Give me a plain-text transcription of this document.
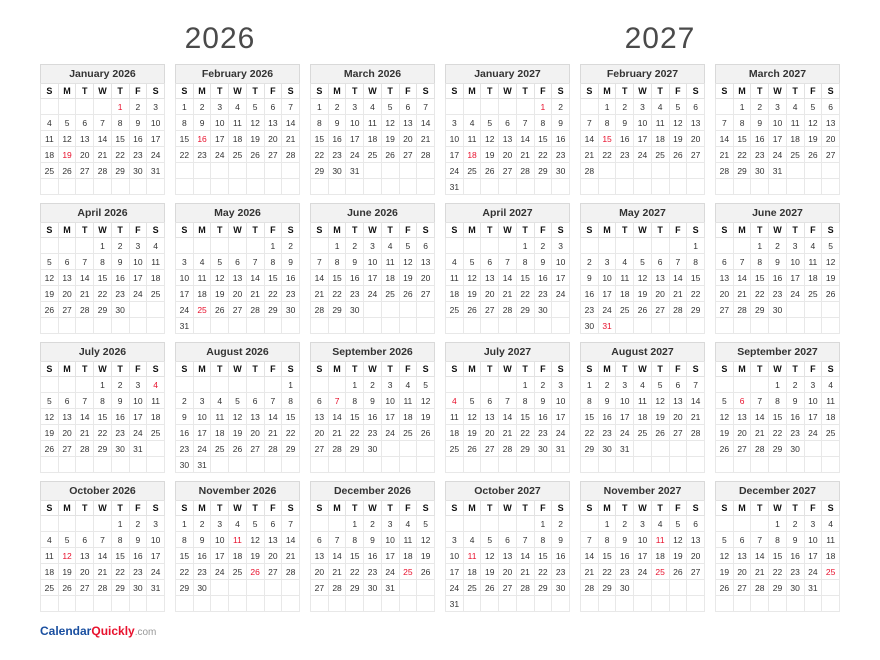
2026	2027
January 2026
S	M	T	W	T	F	S
				1	2	3
4	5	6	7	8	9	10
11	12	13	14	15	16	17
18	19	20	21	22	23	24
25	26	27	28	29	30	31

February 2026
S	M	T	W	T	F	S
1	2	3	4	5	6	7
8	9	10	11	12	13	14
15	16	17	18	19	20	21
22	23	24	25	26	27	28

March 2026
S	M	T	W	T	F	S
1	2	3	4	5	6	7
8	9	10	11	12	13	14
15	16	17	18	19	20	21
22	23	24	25	26	27	28
29	30	31				

January 2027
S	M	T	W	T	F	S
					1	2
3	4	5	6	7	8	9
10	11	12	13	14	15	16
17	18	19	20	21	22	23
24	25	26	27	28	29	30
31						
February 2027
S	M	T	W	T	F	S
	1	2	3	4	5	6
7	8	9	10	11	12	13
14	15	16	17	18	19	20
21	22	23	24	25	26	27
28						

March 2027
S	M	T	W	T	F	S
	1	2	3	4	5	6
7	8	9	10	11	12	13
14	15	16	17	18	19	20
21	22	23	24	25	26	27
28	29	30	31			

April 2026
S	M	T	W	T	F	S
			1	2	3	4
5	6	7	8	9	10	11
12	13	14	15	16	17	18
19	20	21	22	23	24	25
26	27	28	29	30		

May 2026
S	M	T	W	T	F	S
					1	2
3	4	5	6	7	8	9
10	11	12	13	14	15	16
17	18	19	20	21	22	23
24	25	26	27	28	29	30
31						
June 2026
S	M	T	W	T	F	S
	1	2	3	4	5	6
7	8	9	10	11	12	13
14	15	16	17	18	19	20
21	22	23	24	25	26	27
28	29	30				

April 2027
S	M	T	W	T	F	S
				1	2	3
4	5	6	7	8	9	10
11	12	13	14	15	16	17
18	19	20	21	22	23	24
25	26	27	28	29	30	

May 2027
S	M	T	W	T	F	S
						1
2	3	4	5	6	7	8
9	10	11	12	13	14	15
16	17	18	19	20	21	22
23	24	25	26	27	28	29
30	31					
June 2027
S	M	T	W	T	F	S
		1	2	3	4	5
6	7	8	9	10	11	12
13	14	15	16	17	18	19
20	21	22	23	24	25	26
27	28	29	30			

July 2026
S	M	T	W	T	F	S
			1	2	3	4
5	6	7	8	9	10	11
12	13	14	15	16	17	18
19	20	21	22	23	24	25
26	27	28	29	30	31	

August 2026
S	M	T	W	T	F	S
						1
2	3	4	5	6	7	8
9	10	11	12	13	14	15
16	17	18	19	20	21	22
23	24	25	26	27	28	29
30	31					
September 2026
S	M	T	W	T	F	S
		1	2	3	4	5
6	7	8	9	10	11	12
13	14	15	16	17	18	19
20	21	22	23	24	25	26
27	28	29	30			

July 2027
S	M	T	W	T	F	S
				1	2	3
4	5	6	7	8	9	10
11	12	13	14	15	16	17
18	19	20	21	22	23	24
25	26	27	28	29	30	31

August 2027
S	M	T	W	T	F	S
1	2	3	4	5	6	7
8	9	10	11	12	13	14
15	16	17	18	19	20	21
22	23	24	25	26	27	28
29	30	31				

September 2027
S	M	T	W	T	F	S
			1	2	3	4
5	6	7	8	9	10	11
12	13	14	15	16	17	18
19	20	21	22	23	24	25
26	27	28	29	30		

October 2026
S	M	T	W	T	F	S
				1	2	3
4	5	6	7	8	9	10
11	12	13	14	15	16	17
18	19	20	21	22	23	24
25	26	27	28	29	30	31

November 2026
S	M	T	W	T	F	S
1	2	3	4	5	6	7
8	9	10	11	12	13	14
15	16	17	18	19	20	21
22	23	24	25	26	27	28
29	30					

December 2026
S	M	T	W	T	F	S
		1	2	3	4	5
6	7	8	9	10	11	12
13	14	15	16	17	18	19
20	21	22	23	24	25	26
27	28	29	30	31		

October 2027
S	M	T	W	T	F	S
					1	2
3	4	5	6	7	8	9
10	11	12	13	14	15	16
17	18	19	20	21	22	23
24	25	26	27	28	29	30
31						
November 2027
S	M	T	W	T	F	S
	1	2	3	4	5	6
7	8	9	10	11	12	13
14	15	16	17	18	19	20
21	22	23	24	25	26	27
28	29	30				

December 2027
S	M	T	W	T	F	S
			1	2	3	4
5	6	7	8	9	10	11
12	13	14	15	16	17	18
19	20	21	22	23	24	25
26	27	28	29	30	31	

CalendarQuickly.com
